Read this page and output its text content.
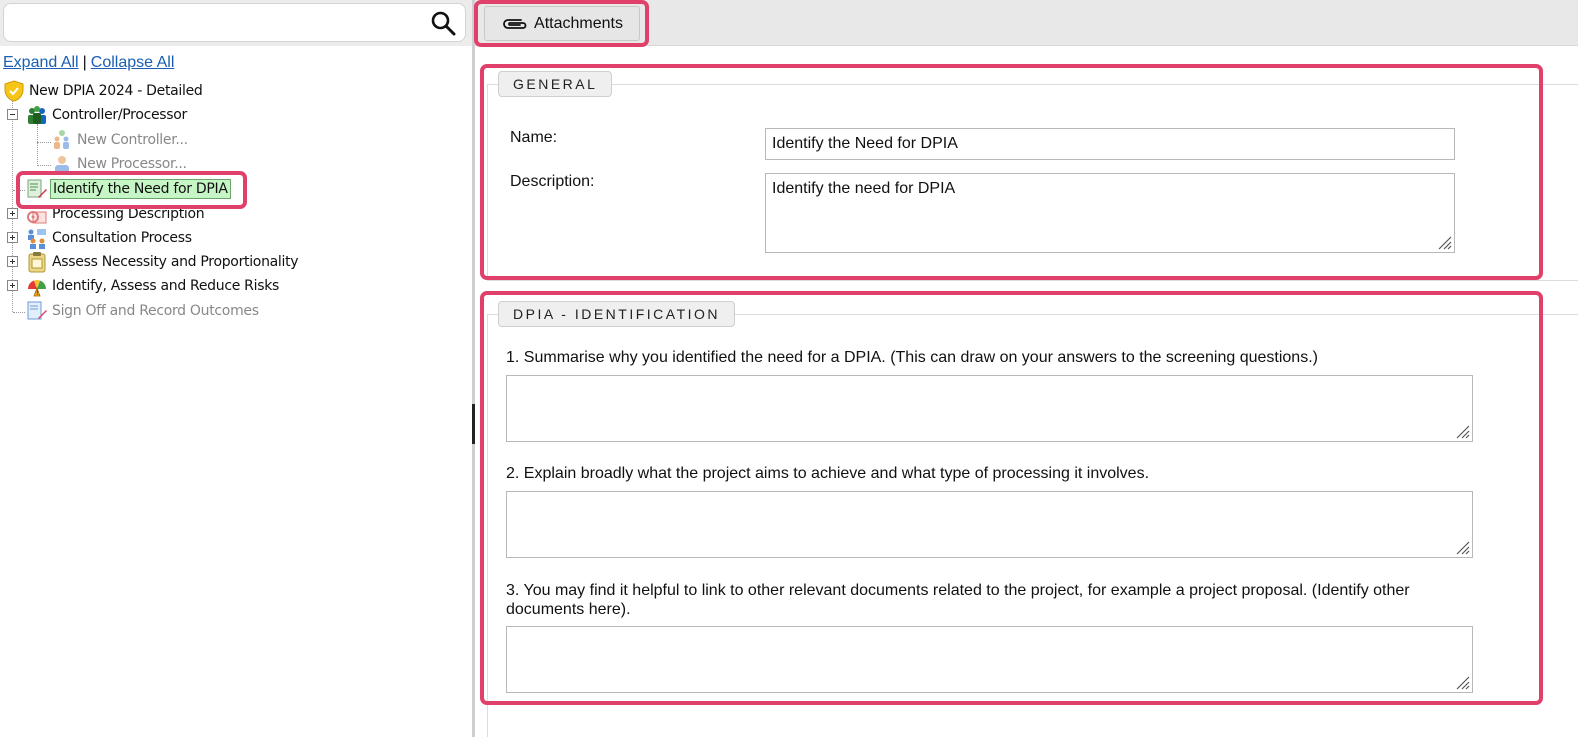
Expand All | Collapse All
New DPIA 2024 - Detailed
Controller/Processor
New Controller...
New Processor...
Identify the Need for DPIA
Processing Description
Consultation Process
Assess Necessity and Proportionality
! Identify, Assess and Reduce Risks
Sign Off and Record Outcomes
Attachments
GENERAL
Name:
Identify the Need for DPIA
Description:
Identify the need for DPIA
DPIA - IDENTIFICATION
1. Summarise why you identified the need for a DPIA. (This can draw on your answers to the screening questions.)
2. Explain broadly what the project aims to achieve and what type of processing it involves.
3. You may find it helpful to link to other relevant documents related to the project, for example a project proposal. (Identify other documents here).
